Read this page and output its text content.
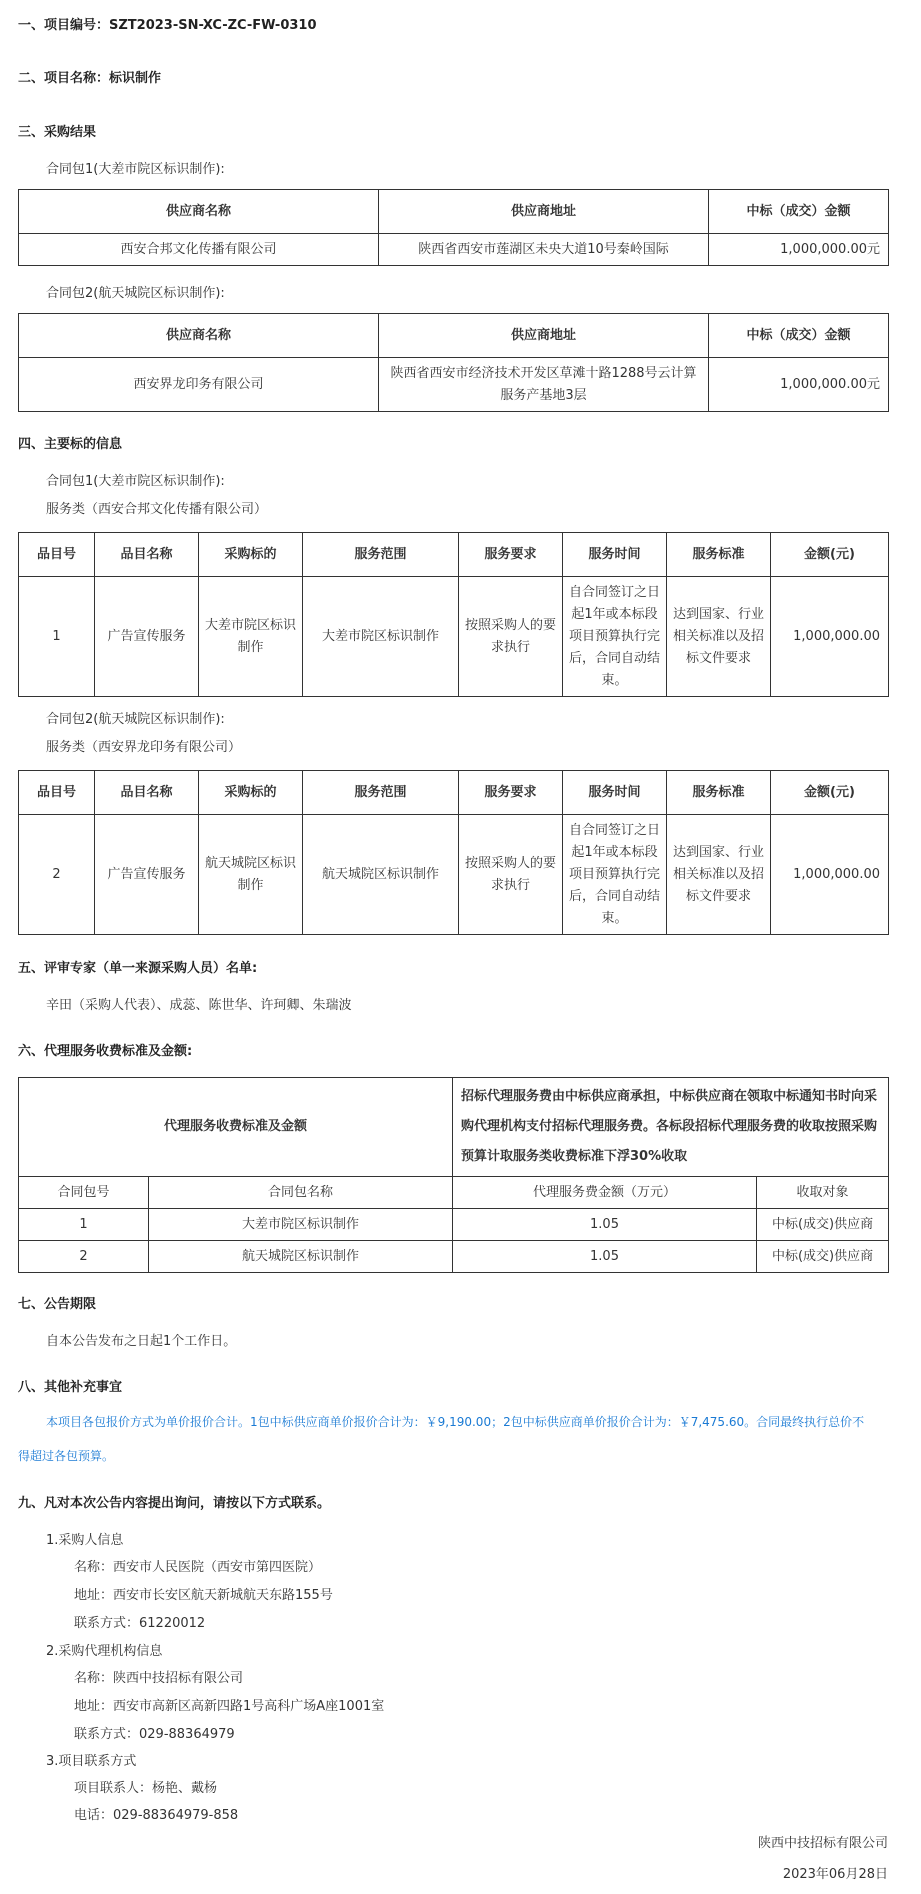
一、项目编号：SZT2023-SN-XC-ZC-FW-0310
二、项目名称：标识制作
三、采购结果
合同包1(大差市院区标识制作):
供应商名称	供应商地址	中标（成交）金额
西安合邦文化传播有限公司	陕西省西安市莲湖区未央大道10号秦岭国际	1,000,000.00元
合同包2(航天城院区标识制作):
供应商名称	供应商地址	中标（成交）金额
西安界龙印务有限公司	陕西省西安市经济技术开发区草滩十路1288号云计算服务产基地3层	1,000,000.00元
四、主要标的信息
合同包1(大差市院区标识制作):
服务类（西安合邦文化传播有限公司）
品目号	品目名称	采购标的	服务范围	服务要求	服务时间	服务标准	金额(元)
1	广告宣传服务	大差市院区标识制作	大差市院区标识制作	按照采购人的要求执行	自合同签订之日起1年或本标段项目预算执行完后，合同自动结束。	达到国家、行业相关标准以及招标文件要求	1,000,000.00
合同包2(航天城院区标识制作):
服务类（西安界龙印务有限公司）
品目号	品目名称	采购标的	服务范围	服务要求	服务时间	服务标准	金额(元)
2	广告宣传服务	航天城院区标识制作	航天城院区标识制作	按照采购人的要求执行	自合同签订之日起1年或本标段项目预算执行完后，合同自动结束。	达到国家、行业相关标准以及招标文件要求	1,000,000.00
五、评审专家（单一来源采购人员）名单:
辛田（采购人代表）、成蕊、陈世华、许珂卿、朱瑞波
六、代理服务收费标准及金额:
代理服务收费标准及金额		招标代理服务费由中标供应商承担，中标供应商在领取中标通知书时向采购代理机构支付招标代理服务费。各标段招标代理服务费的收取按照采购预算计取服务类收费标准下浮30%收取	
合同包号	合同包名称	代理服务费金额（万元）	收取对象
1	大差市院区标识制作	1.05	中标(成交)供应商
2	航天城院区标识制作	1.05	中标(成交)供应商
七、公告期限
自本公告发布之日起1个工作日。
八、其他补充事宜
本项目各包报价方式为单价报价合计。1包中标供应商单价报价合计为：￥9,190.00；2包中标供应商单价报价合计为：￥7,475.60。合同最终执行总价不
得超过各包预算。
九、凡对本次公告内容提出询问，请按以下方式联系。
1.采购人信息
名称：西安市人民医院（西安市第四医院）
地址：西安市长安区航天新城航天东路155号
联系方式：61220012
2.采购代理机构信息
名称：陕西中技招标有限公司
地址：西安市高新区高新四路1号高科广场A座1001室
联系方式：029-88364979
3.项目联系方式
项目联系人：杨艳、戴杨
电话：029-88364979-858
陕西中技招标有限公司
2023年06月28日
